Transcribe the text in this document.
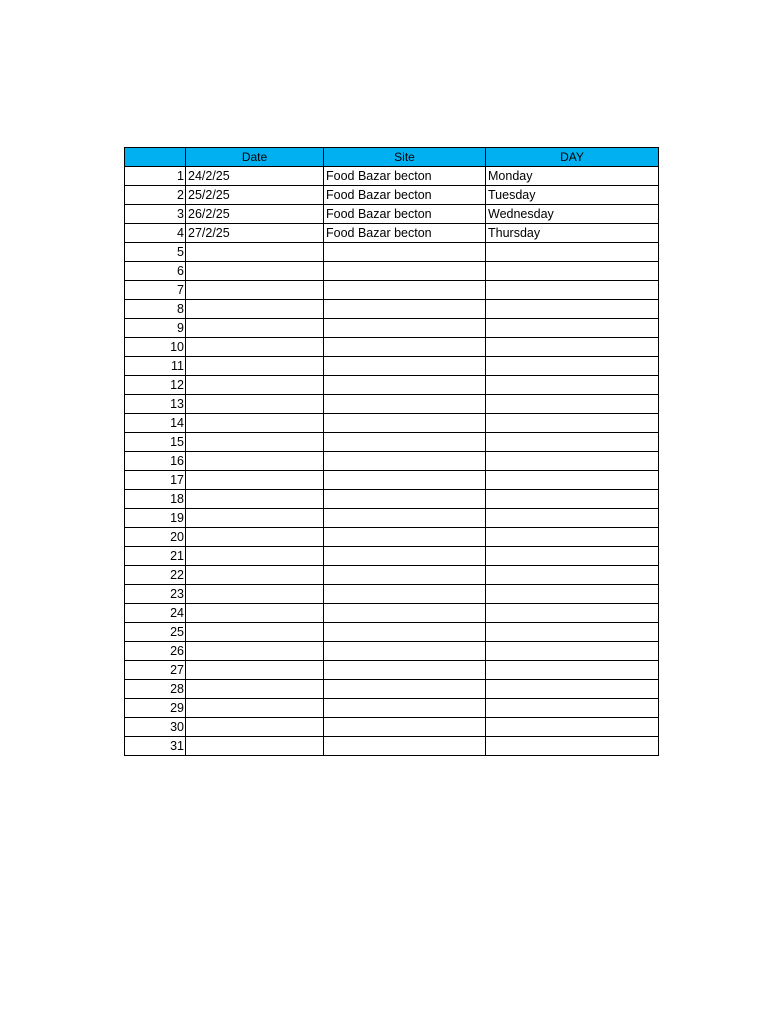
	Date	Site	DAY
1	24/2/25	Food Bazar becton	Monday
2	25/2/25	Food Bazar becton	Tuesday
3	26/2/25	Food Bazar becton	Wednesday
4	27/2/25	Food Bazar becton	Thursday
5			
6			
7			
8			
9			
10			
11			
12			
13			
14			
15			
16			
17			
18			
19			
20			
21			
22			
23			
24			
25			
26			
27			
28			
29			
30			
31			
